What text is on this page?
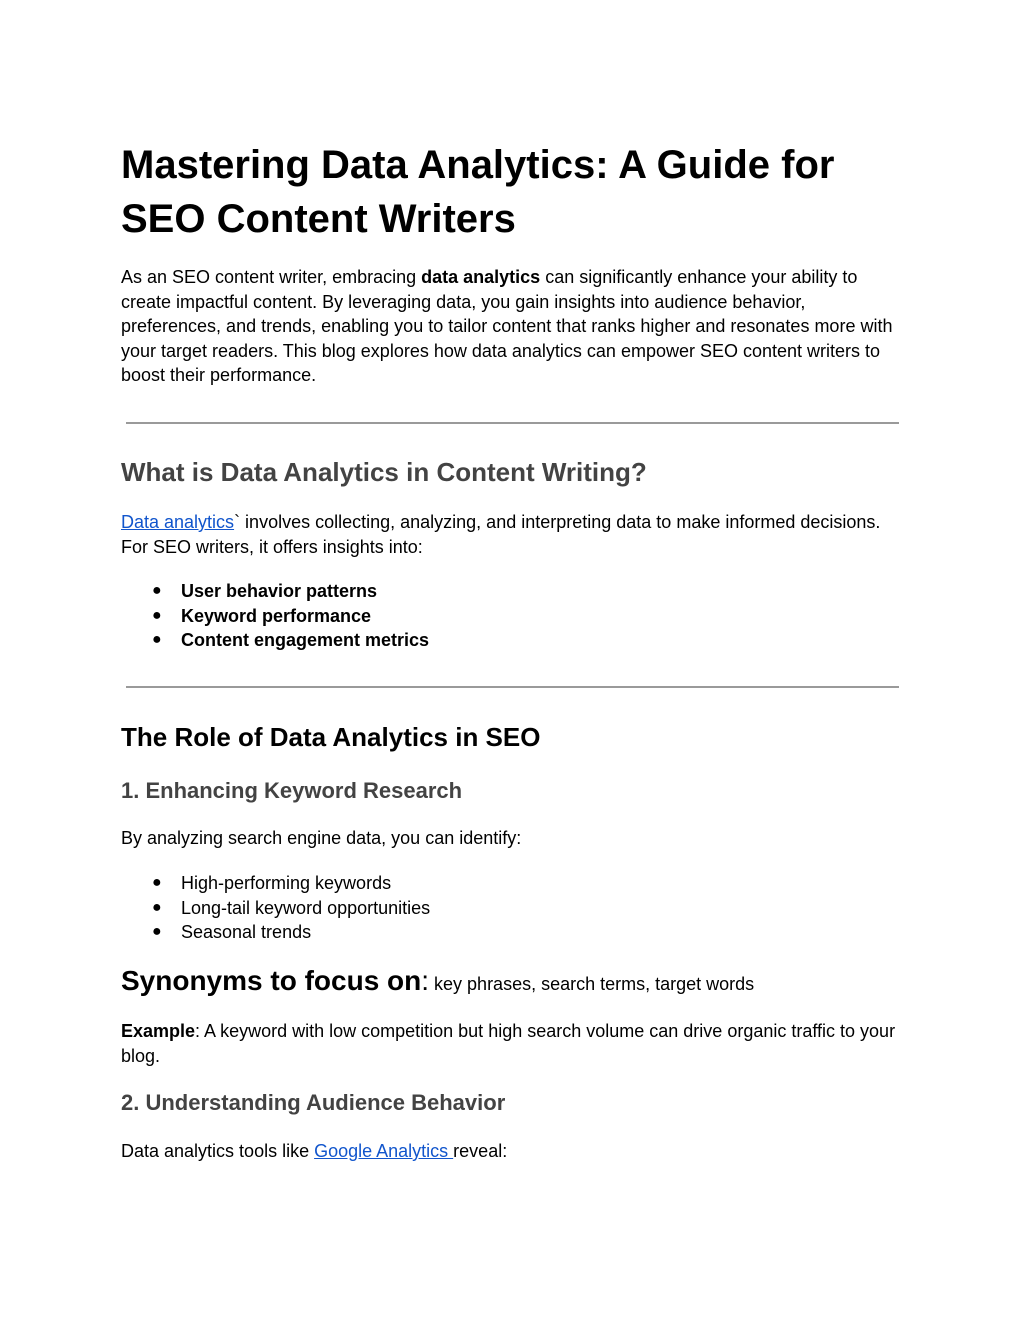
Mastering Data Analytics: A Guide for SEO Content Writers

As an SEO content writer, embracing data analytics can significantly enhance your ability to create impactful content. By leveraging data, you gain insights into audience behavior, preferences, and trends, enabling you to tailor content that ranks higher and resonates more with your target readers. This blog explores how data analytics can empower SEO content writers to boost their performance.

What is Data Analytics in Content Writing?

Data analytics` involves collecting, analyzing, and interpreting data to make informed decisions. For SEO writers, it offers insights into:

● User behavior patterns
● Keyword performance
● Content engagement metrics
The Role of Data Analytics in SEO
1. Enhancing Keyword Research

By analyzing search engine data, you can identify:

● High-performing keywords
● Long-tail keyword opportunities
● Seasonal trends

Synonyms to focus on: key phrases, search terms, target words

Example: A keyword with low competition but high search volume can drive organic traffic to your blog.

2. Understanding Audience Behavior

Data analytics tools like Google Analytics reveal:
